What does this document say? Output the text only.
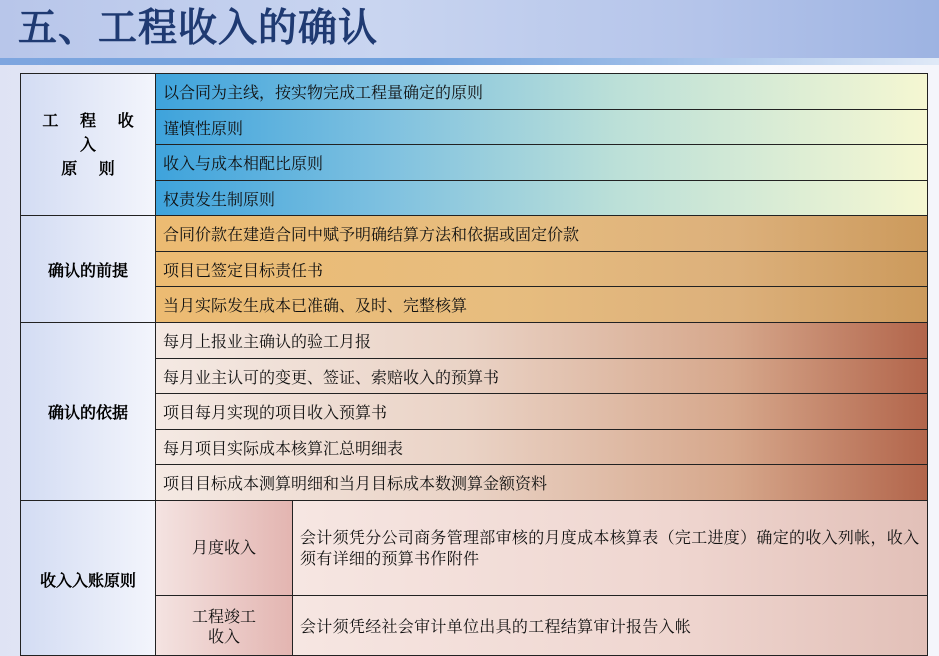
五、工程收入的确认
工 程 收 入
原 则
以合同为主线，按实物完成工程量确定的原则
谨慎性原则
收入与成本相配比原则
权责发生制原则
确认的前提
合同价款在建造合同中赋予明确结算方法和依据或固定价款
项目已签定目标责任书
当月实际发生成本已准确、及时、完整核算
确认的依据
每月上报业主确认的验工月报
每月业主认可的变更、签证、索赔收入的预算书
项目每月实现的项目收入预算书
每月项目实际成本核算汇总明细表
项目目标成本测算明细和当月目标成本数测算金额资料
收入入账原则
月度收入
会计须凭分公司商务管理部审核的月度成本核算表（完工进度）确定的收入列帐，收入须有详细的预算书作附件
工程竣工
收入	会计须凭经社会审计单位出具的工程结算审计报告入帐
